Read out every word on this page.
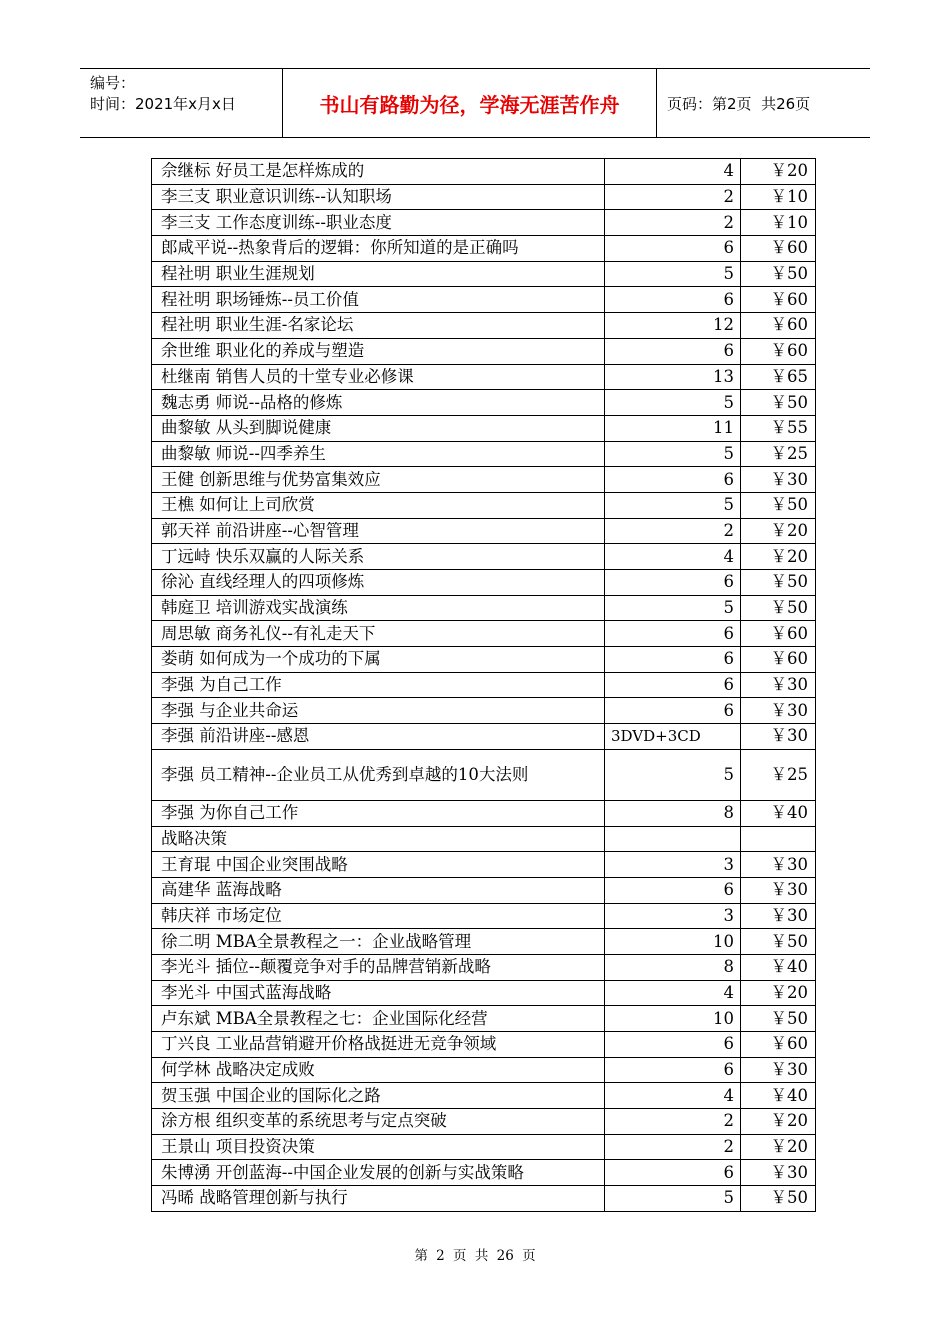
编号：
时间：2021年x月x日	书山有路勤为径，学海无涯苦作舟	页码：第2页  共26页
佘继标 好员工是怎样炼成的	4	￥20
李三支 职业意识训练--认知职场	2	￥10
李三支 工作态度训练--职业态度	2	￥10
郎咸平说--热象背后的逻辑：你所知道的是正确吗	6	￥60
程社明 职业生涯规划	5	￥50
程社明 职场锤炼--员工价值	6	￥60
程社明 职业生涯-名家论坛	12	￥60
余世维 职业化的养成与塑造	6	￥60
杜继南 销售人员的十堂专业必修课	13	￥65
魏志勇 师说--品格的修炼	5	￥50
曲黎敏 从头到脚说健康	11	￥55
曲黎敏 师说--四季养生	5	￥25
王健 创新思维与优势富集效应	6	￥30
王樵 如何让上司欣赏	5	￥50
郭天祥 前沿讲座--心智管理	2	￥20
丁远峙 快乐双赢的人际关系	4	￥20
徐沁 直线经理人的四项修炼	6	￥50
韩庭卫 培训游戏实战演练	5	￥50
周思敏 商务礼仪--有礼走天下	6	￥60
娄萌 如何成为一个成功的下属	6	￥60
李强 为自己工作	6	￥30
李强 与企业共命运	6	￥30
李强 前沿讲座--感恩	3DVD+3CD	￥30
李强 员工精神--企业员工从优秀到卓越的10大法则	5	￥25
李强 为你自己工作	8	￥40
战略决策		
王育琨 中国企业突围战略	3	￥30
高建华 蓝海战略	6	￥30
韩庆祥 市场定位	3	￥30
徐二明 MBA全景教程之一：企业战略管理	10	￥50
李光斗 插位--颠覆竞争对手的品牌营销新战略	8	￥40
李光斗 中国式蓝海战略	4	￥20
卢东斌 MBA全景教程之七：企业国际化经营	10	￥50
丁兴良 工业品营销避开价格战挺进无竞争领域	6	￥60
何学林 战略决定成败	6	￥30
贺玉强 中国企业的国际化之路	4	￥40
涂方根 组织变革的系统思考与定点突破	2	￥20
王景山 项目投资决策	2	￥20
朱博湧 开创蓝海--中国企业发展的创新与实战策略	6	￥30
冯晞 战略管理创新与执行	5	￥50
第 2 页 共 26 页
